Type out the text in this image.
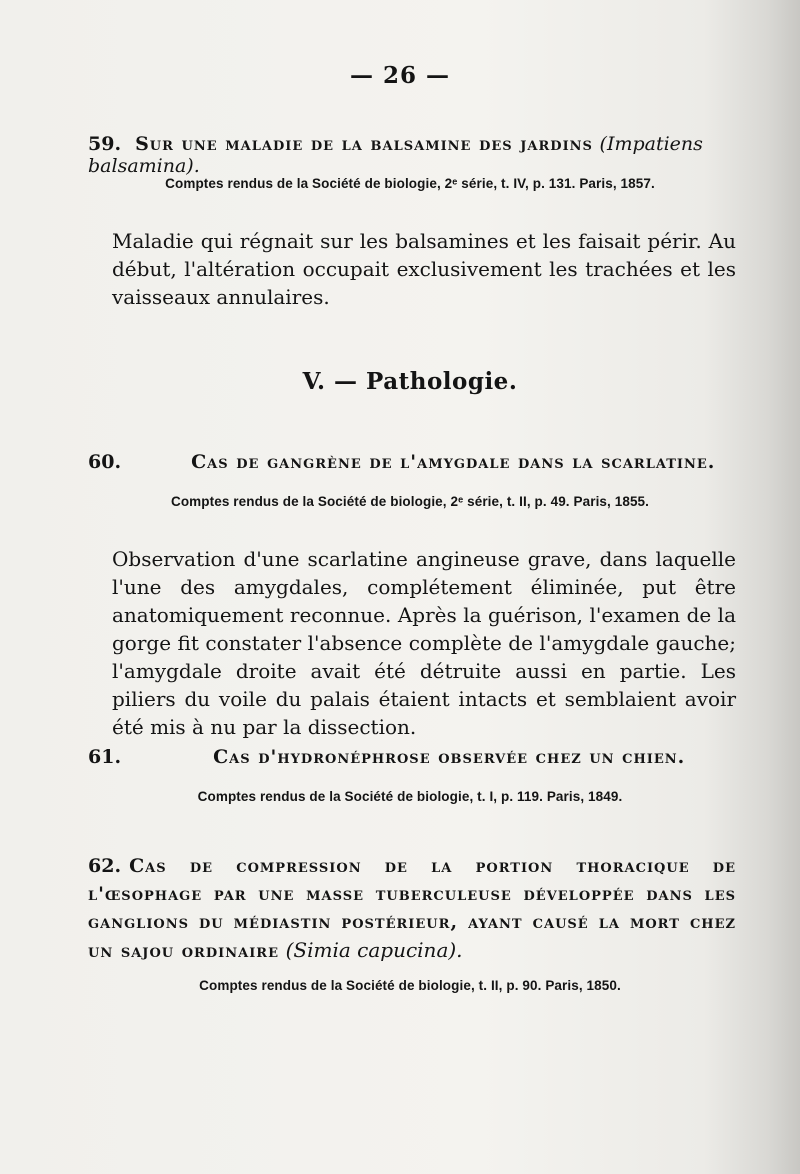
— 26 —
59. Sur une maladie de la balsamine des jardins (Impatiens balsamina).
Comptes rendus de la Société de biologie, 2ᵉ série, t. IV, p. 131. Paris, 1857.
Maladie qui régnait sur les balsamines et les faisait périr. Au début, l'altération occupait exclusivement les trachées et les vaisseaux annulaires.
V. — Pathologie.
60.	Cas de gangrène de l'amygdale dans la scarlatine.
Comptes rendus de la Société de biologie, 2ᵉ série, t. II, p. 49. Paris, 1855.
Observation d'une scarlatine angineuse grave, dans laquelle l'une des amygdales, complétement éliminée, put être anatomiquement reconnue. Après la guérison, l'examen de la gorge fit constater l'absence complète de l'amygdale gauche; l'amygdale droite avait été détruite aussi en partie. Les piliers du voile du palais étaient intacts et semblaient avoir été mis à nu par la dissection.
61.	Cas d'hydronéphrose observée chez un chien.
Comptes rendus de la Société de biologie, t. I, p. 119. Paris, 1849.
62. Cas de compression de la portion thoracique de l'œsophage par une masse tuberculeuse développée dans les ganglions du médiastin postérieur, ayant causé la mort chez un sajou ordinaire (Simia capucina).
Comptes rendus de la Société de biologie, t. II, p. 90. Paris, 1850.
